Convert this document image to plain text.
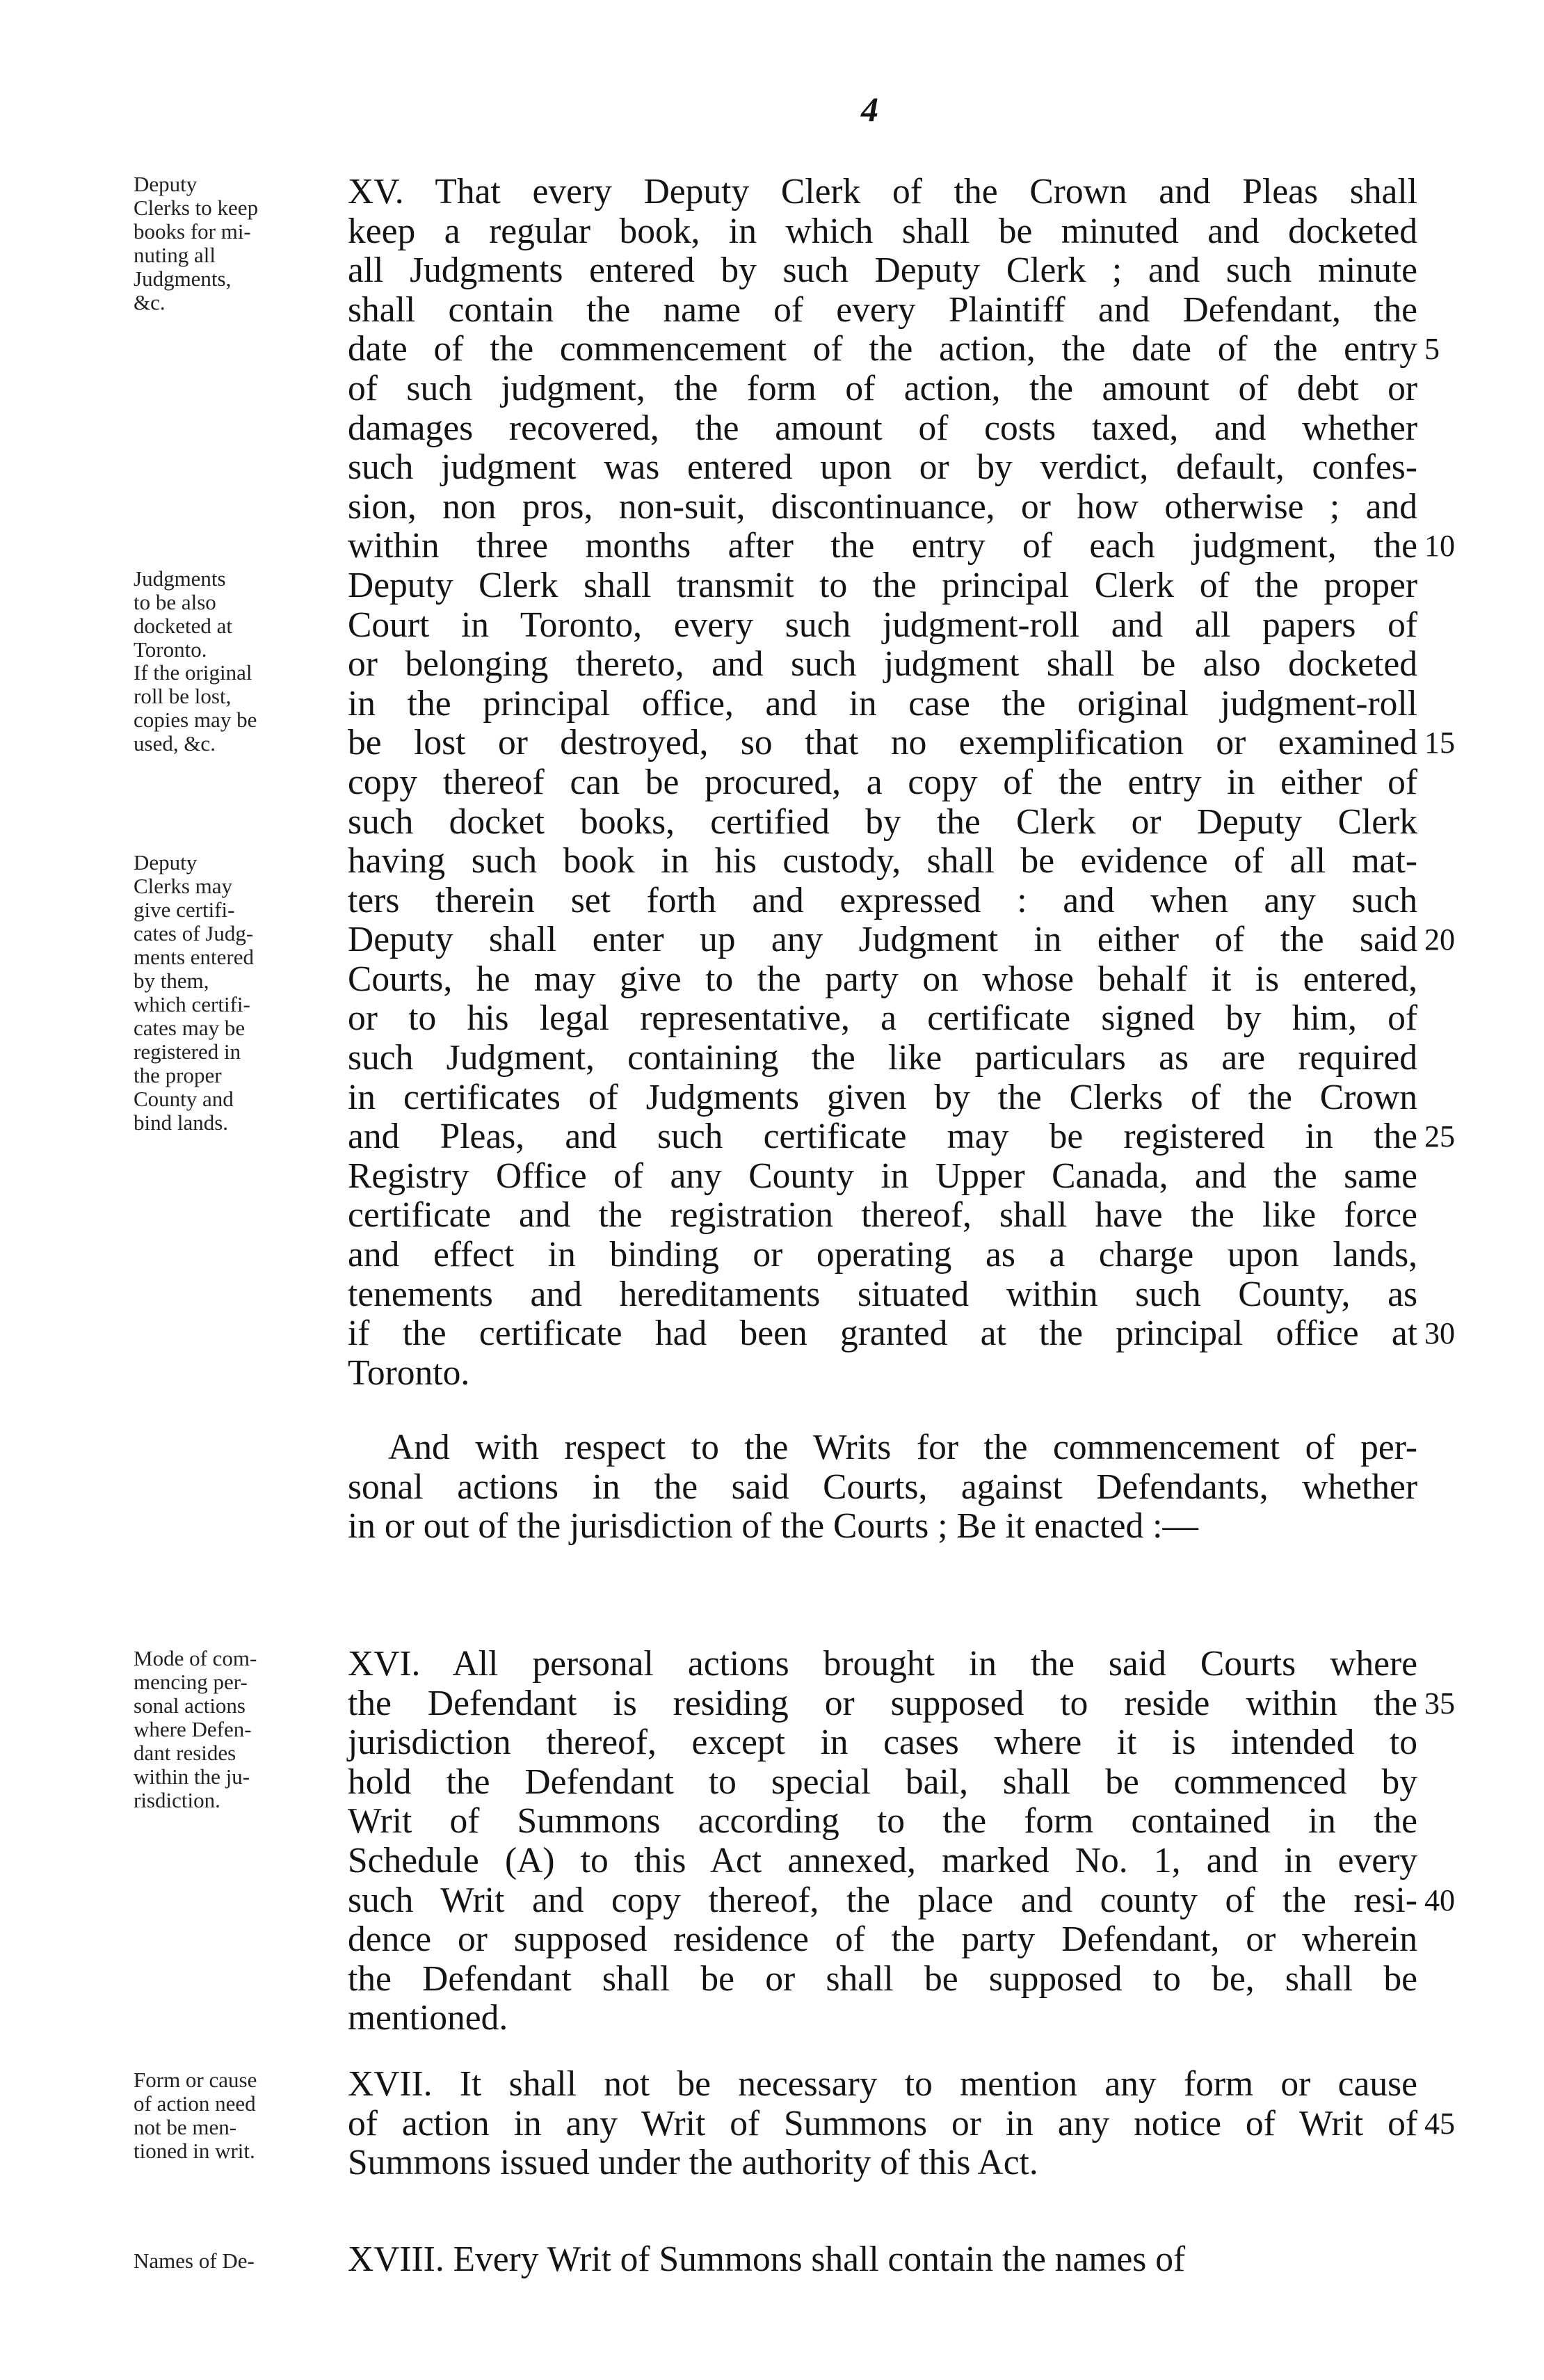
4
Deputy
Clerks to keep
books for mi-
nuting all
Judgments,
&c.
Judgments
to be also
docketed at
Toronto.
If the original
roll be lost,
copies may be
used, &c.
Deputy
Clerks may
give certifi-
cates of Judg-
ments entered
by them,
which certifi-
cates may be
registered in
the proper
County and
bind lands.
XV. That every Deputy Clerk of the Crown and Pleas shall
keep a regular book, in which shall be minuted and docketed
all Judgments entered by such Deputy Clerk ; and such minute
shall contain the name of every Plaintiff and Defendant, the
date of the commencement of the action, the date of the entry
of such judgment, the form of action, the amount of debt or
damages recovered, the amount of costs taxed, and whether
such judgment was entered upon or by verdict, default, confes-
sion, non pros, non-suit, discontinuance, or how otherwise ; and
within three months after the entry of each judgment, the
Deputy Clerk shall transmit to the principal Clerk of the proper
Court in Toronto, every such judgment-roll and all papers of
or belonging thereto, and such judgment shall be also docketed
in the principal office, and in case the original judgment-roll
be lost or destroyed, so that no exemplification or examined
copy thereof can be procured, a copy of the entry in either of
such docket books, certified by the Clerk or Deputy Clerk
having such book in his custody, shall be evidence of all mat-
ters therein set forth and expressed : and when any such
Deputy shall enter up any Judgment in either of the said
Courts, he may give to the party on whose behalf it is entered,
or to his legal representative, a certificate signed by him, of
such Judgment, containing the like particulars as are required
in certificates of Judgments given by the Clerks of the Crown
and Pleas, and such certificate may be registered in the
Registry Office of any County in Upper Canada, and the same
certificate and the registration thereof, shall have the like force
and effect in binding or operating as a charge upon lands,
tenements and hereditaments situated within such County, as
if the certificate had been granted at the principal office at
Toronto.
5
10
15
20
25
30
And with respect to the Writs for the commencement of per-
sonal actions in the said Courts, against Defendants, whether
in or out of the jurisdiction of the Courts ; Be it enacted :—
Mode of com-
mencing per-
sonal actions
where Defen-
dant resides
within the ju-
risdiction.
XVI. All personal actions brought in the said Courts where
the Defendant is residing or supposed to reside within the
jurisdiction thereof, except in cases where it is intended to
hold the Defendant to special bail, shall be commenced by
Writ of Summons according to the form contained in the
Schedule (A) to this Act annexed, marked No. 1, and in every
such Writ and copy thereof, the place and county of the resi-
dence or supposed residence of the party Defendant, or wherein
the Defendant shall be or shall be supposed to be, shall be
mentioned.
35
40
Form or cause
of action need
not be men-
tioned in writ.
XVII. It shall not be necessary to mention any form or cause
of action in any Writ of Summons or in any notice of Writ of
Summons issued under the authority of this Act.
45
Names of De-	XVIII. Every Writ of Summons shall contain the names of
